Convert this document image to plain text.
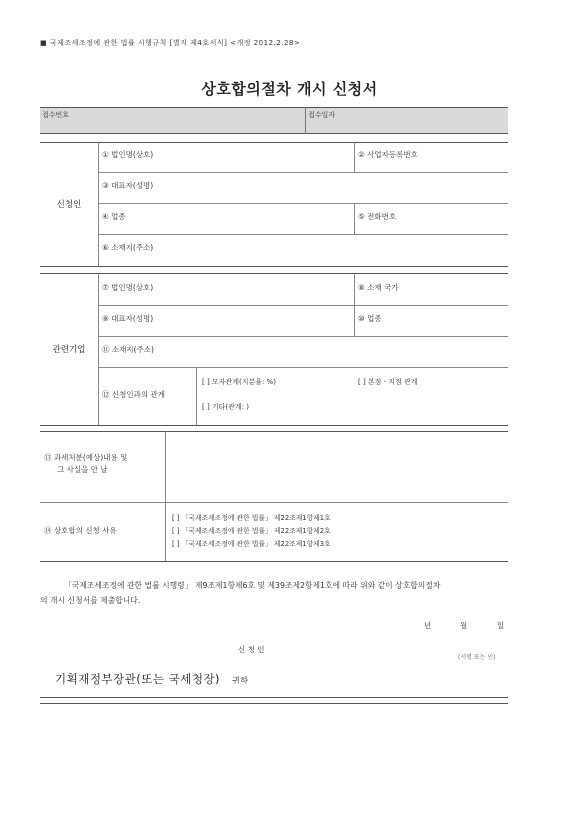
■ 국제조세조정에 관한 법률 시행규칙 [별지 제4호서식] <개정 2012.2.28>
상호합의절차 개시 신청서
접수번호	접수일자
신청인
① 법인명(상호)	② 사업자등록번호
③ 대표자(성명)
④ 업종	⑤ 전화번호
⑥ 소재지(주소)
관련기업
⑦ 법인명(상호)	⑧ 소재 국가
⑨ 대표자(성명)	⑩ 업종
⑪ 소재지(주소)
⑫ 신청인과의 관계
[ ] 모자관계(지분율: %)	[ ] 본점ㆍ지점 관계
[ ] 기타(관계: )
⑬ 과세처분(예상)내용 및
그 사실을 안 날
⑭ 상호합의 신청 사유
[ ] 「국제조세조정에 관한 법률」 제22조제1항제1호
[ ] 「국제조세조정에 관한 법률」 제22조제1항제2호
[ ] 「국제조세조정에 관한 법률」 제22조제1항제3호
「국제조세조정에 관한 법률 시행령」 제9조제1항제6호 및 제39조제2항제1호에 따라 위와 같이 상호합의절차
의 개시 신청서를 제출합니다.
년	월	일
신 청 인
(서명 또는 인)
기획재정부장관(또는 국세청장) 귀하
